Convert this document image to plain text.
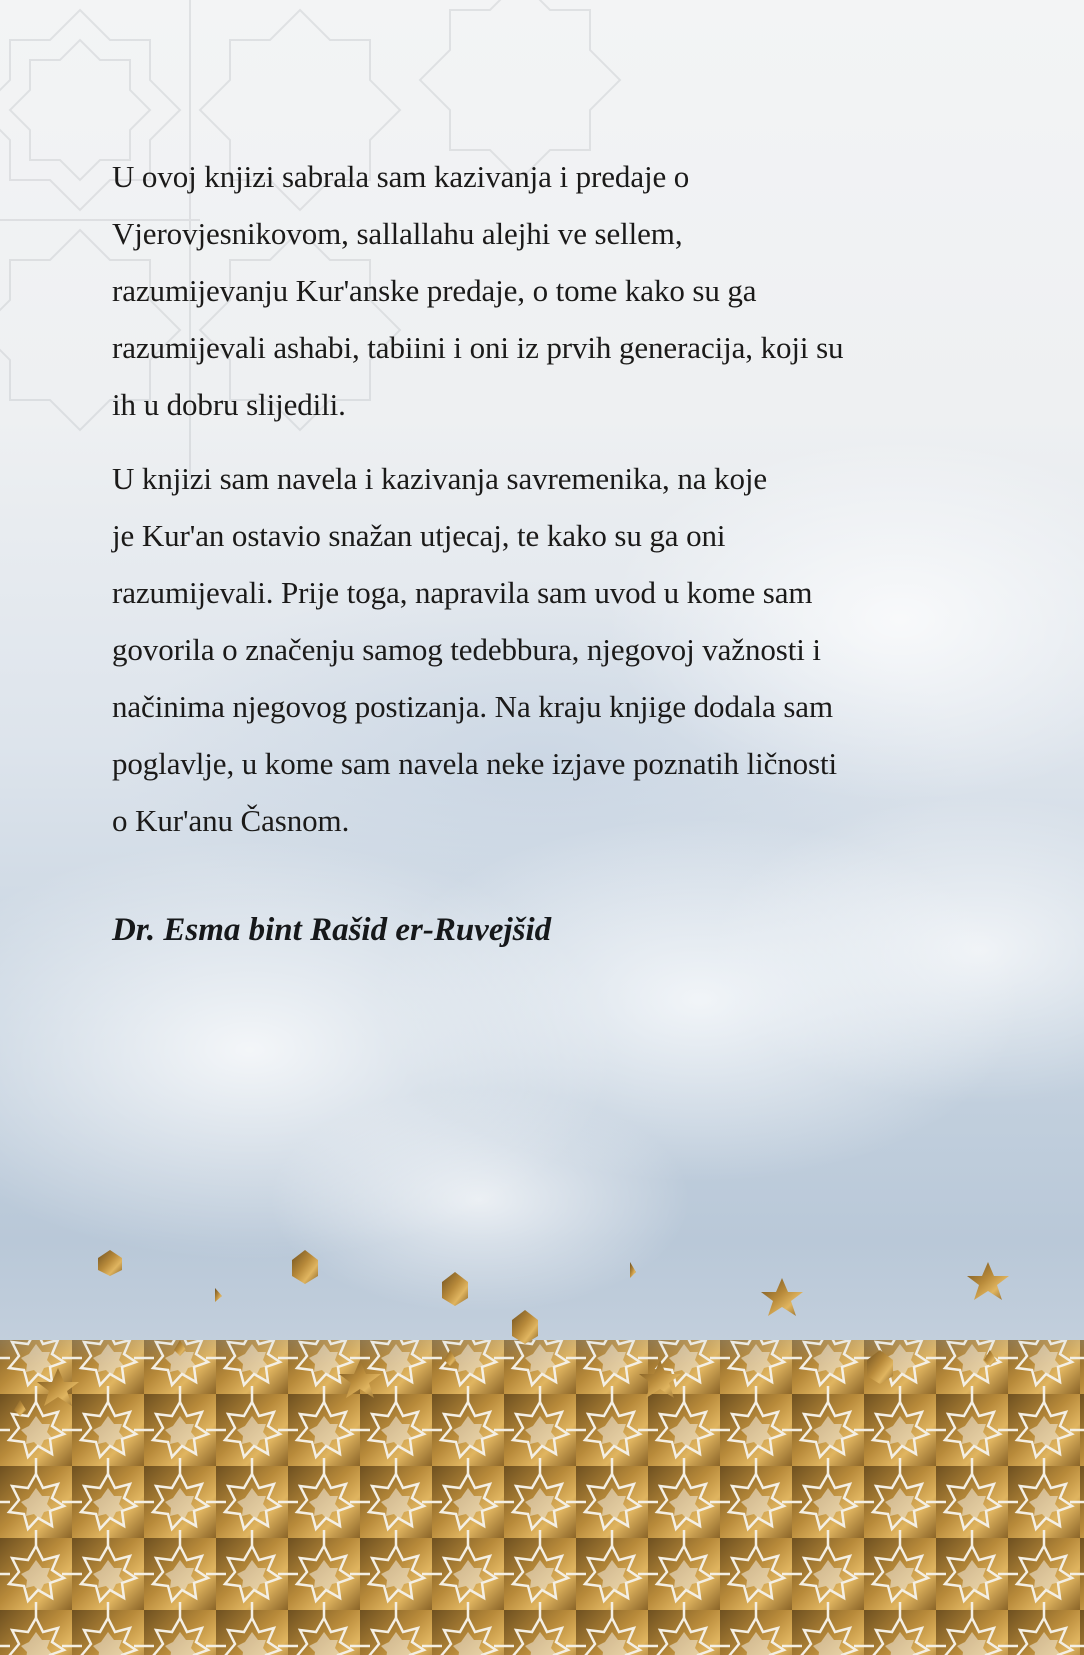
U ovoj knjizi sabrala sam kazivanja i predaje o
Vjerovjesnikovom, sallallahu alejhi ve sellem,
razumijevanju Kur'anske predaje, o tome kako su ga
razumijevali ashabi, tabiini i oni iz prvih generacija, koji su
ih u dobru slijedili.

U knjizi sam navela i kazivanja savremenika, na koje
je Kur'an ostavio snažan utjecaj, te kako su ga oni
razumijevali. Prije toga, napravila sam uvod u kome sam
govorila o značenju samog tedebbura, njegovoj važnosti i
načinima njegovog postizanja. Na kraju knjige dodala sam
poglavlje, u kome sam navela neke izjave poznatih ličnosti
o Kur'anu Časnom.

Dr. Esma bint Rašid er-Ruvejšid
